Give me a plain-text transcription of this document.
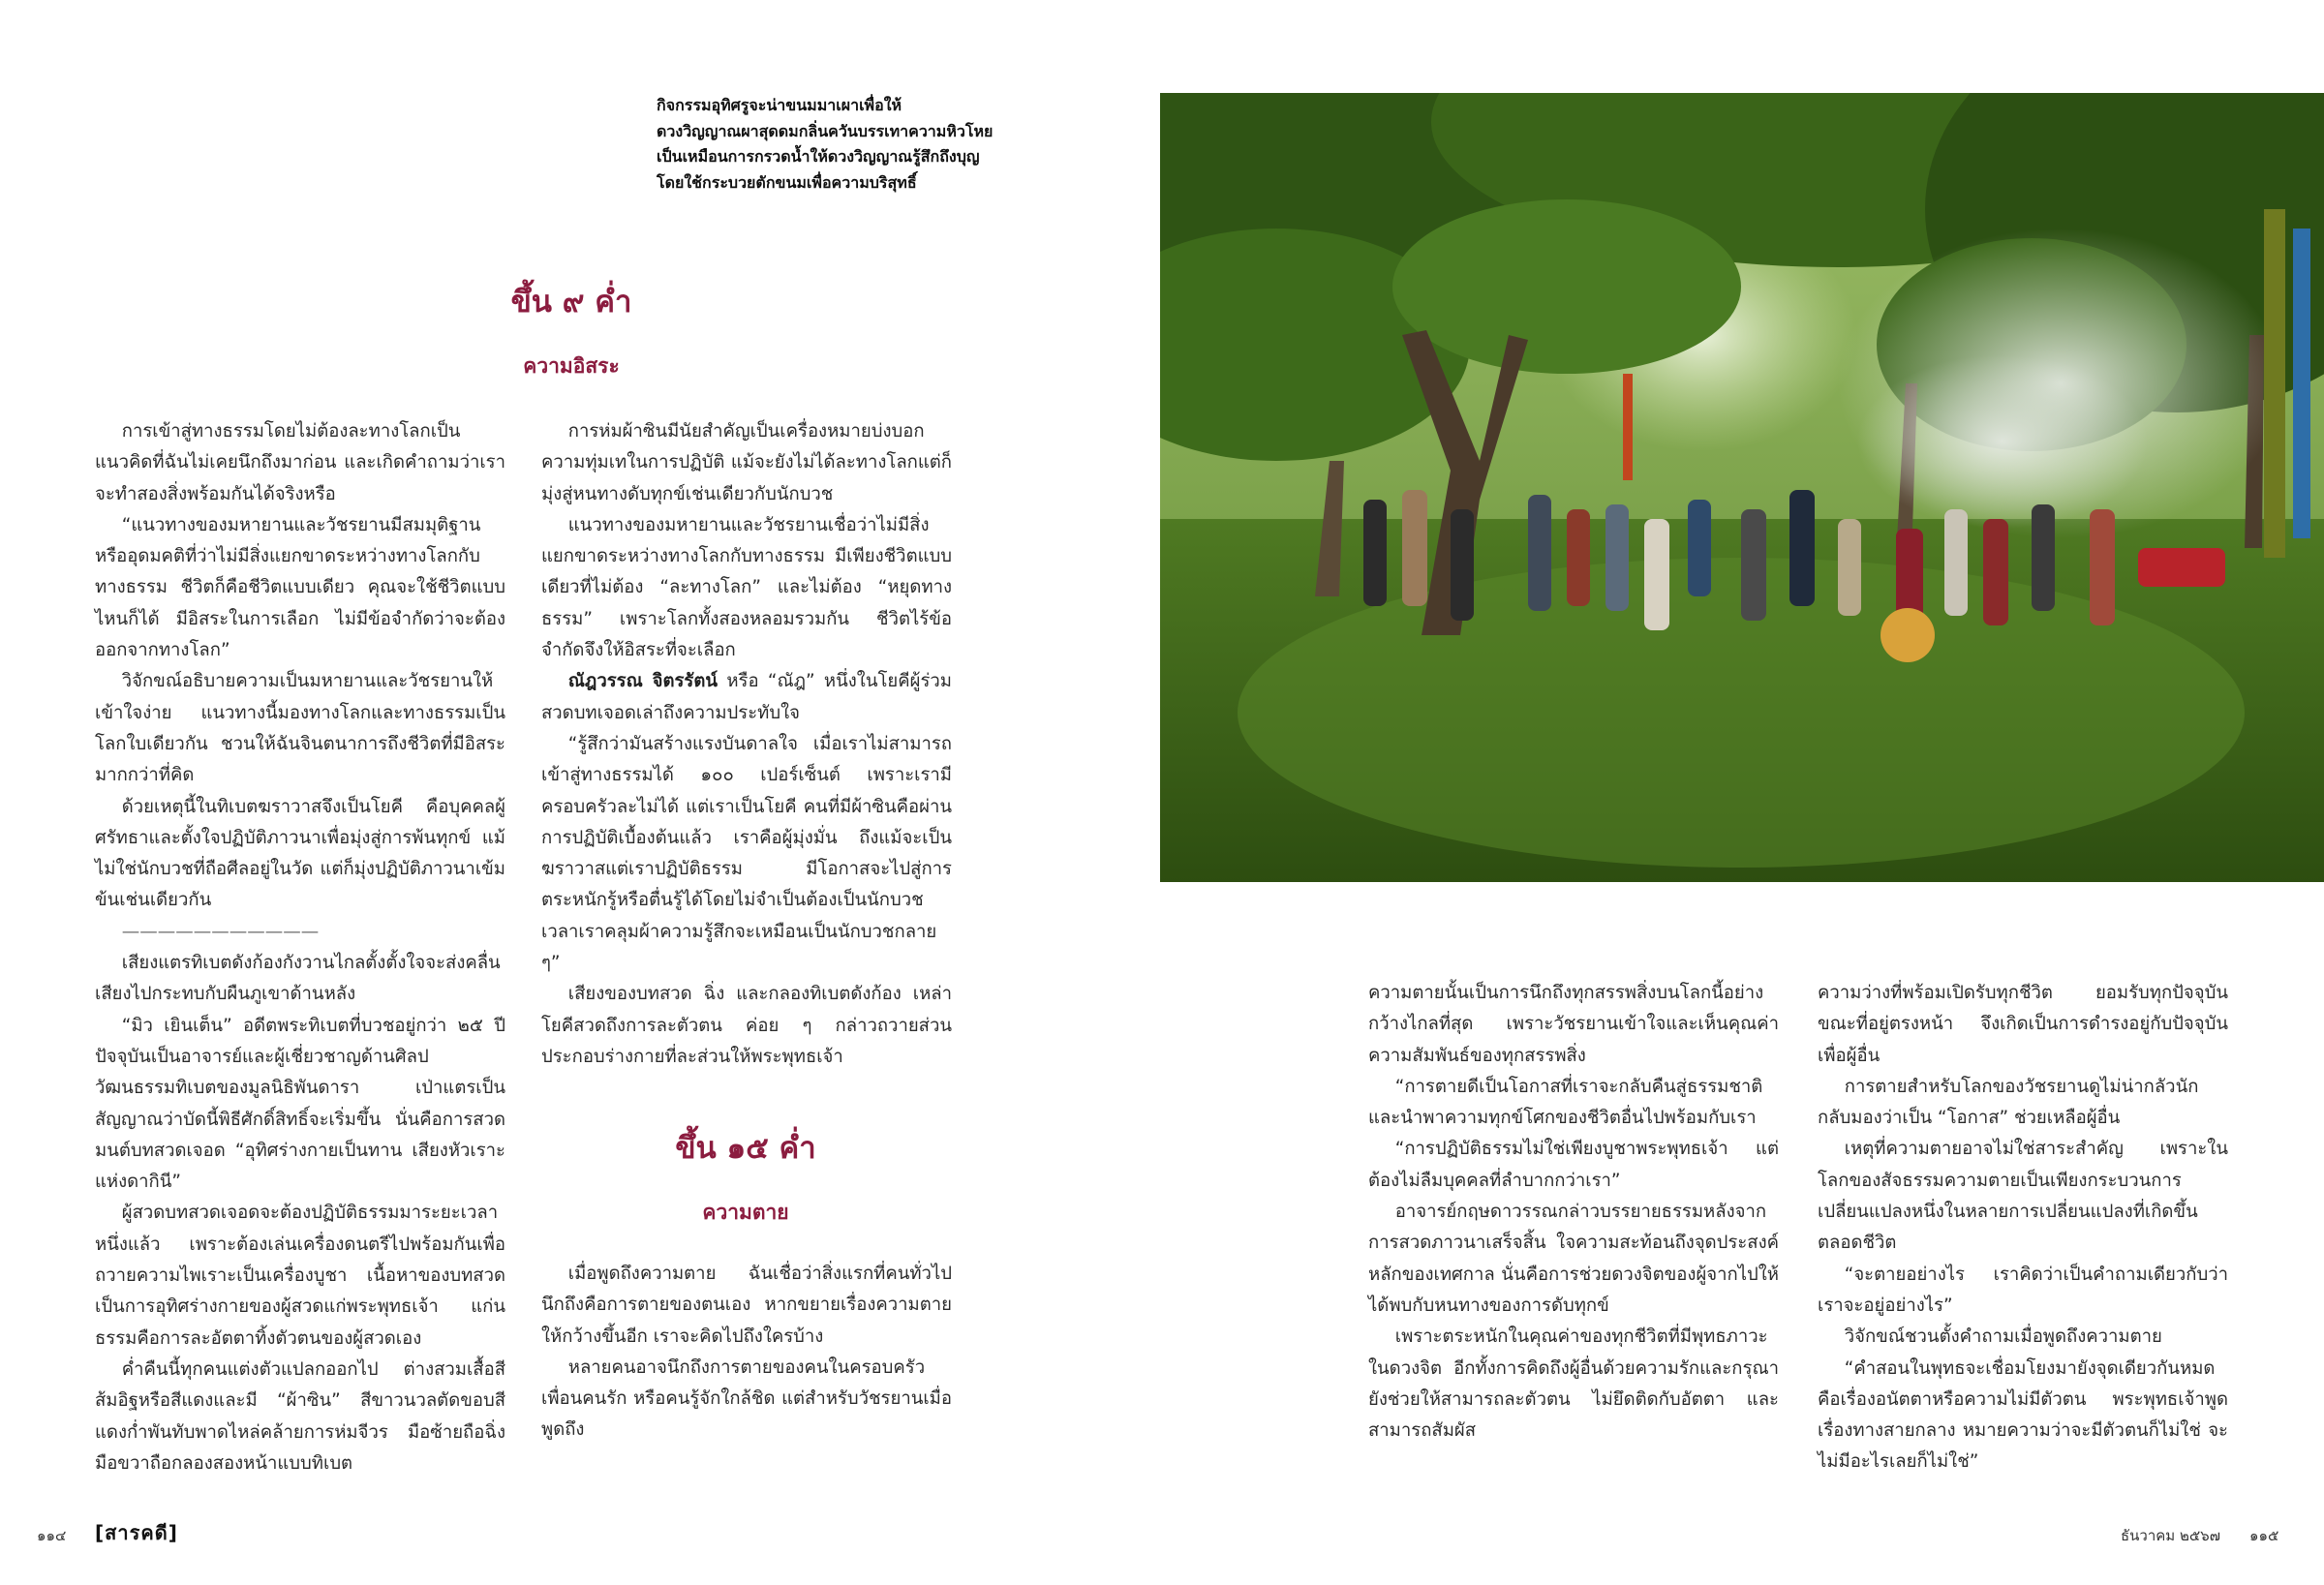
กิจกรรมอุทิศรูจะน่าขนมมาเผาเพื่อให้
ดวงวิญญาณผาสุดดมกลิ่นควันบรรเทาความหิวโหย
เป็นเหมือนการกรวดน้ำให้ดวงวิญญาณรู้สึกถึงบุญ
โดยใช้กระบวยตักขนมเพื่อความบริสุทธิ์
ขึ้น ๙ ค่ำ
ความอิสระ

การเข้าสู่ทางธรรมโดยไม่ต้องละทางโลกเป็นแนวคิดที่ฉันไม่เคยนึกถึงมาก่อน และเกิดคำถามว่าเราจะทำสองสิ่งพร้อมกันได้จริงหรือ

“แนวทางของมหายานและวัชรยานมีสมมุติฐานหรืออุดมคติที่ว่าไม่มีสิ่งแยกขาดระหว่างทางโลกกับทางธรรม ชีวิตก็คือชีวิตแบบเดียว คุณจะใช้ชีวิตแบบไหนก็ได้ มีอิสระในการเลือก ไม่มีข้อจำกัดว่าจะต้องออกจากทางโลก”

วิจักขณ์อธิบายความเป็นมหายานและวัชรยานให้เข้าใจง่าย แนวทางนี้มองทางโลกและทางธรรมเป็นโลกใบเดียวกัน ชวนให้ฉันจินตนาการถึงชีวิตที่มีอิสระมากกว่าที่คิด

ด้วยเหตุนี้ในทิเบตฆราวาสจึงเป็นโยคี คือบุคคลผู้ศรัทธาและตั้งใจปฏิบัติภาวนาเพื่อมุ่งสู่การพ้นทุกข์ แม้ไม่ใช่นักบวชที่ถือศีลอยู่ในวัด แต่ก็มุ่งปฏิบัติภาวนาเข้มข้นเช่นเดียวกัน

———————————

เสียงแตรทิเบตดังก้องกังวานไกลตั้งตั้งใจจะส่งคลื่นเสียงไปกระทบกับผืนภูเขาด้านหลัง

“มิว เยินเต็น” อดีตพระทิเบตที่บวชอยู่กว่า ๒๕ ปี ปัจจุบันเป็นอาจารย์และผู้เชี่ยวชาญด้านศิลปวัฒนธรรมทิเบตของมูลนิธิพันดารา เป่าแตรเป็นสัญญาณว่าบัดนี้พิธีศักดิ์สิทธิ์จะเริ่มขึ้น นั่นคือการสวดมนต์บทสวดเจอด “อุทิศร่างกายเป็นทาน เสียงหัวเราะแห่งดากินี”

ผู้สวดบทสวดเจอดจะต้องปฏิบัติธรรมมาระยะเวลาหนึ่งแล้ว เพราะต้องเล่นเครื่องดนตรีไปพร้อมกันเพื่อถวายความไพเราะเป็นเครื่องบูชา เนื้อหาของบทสวดเป็นการอุทิศร่างกายของผู้สวดแก่พระพุทธเจ้า แก่นธรรมคือการละอัตตาทิ้งตัวตนของผู้สวดเอง

ค่ำคืนนี้ทุกคนแต่งตัวแปลกออกไป ต่างสวมเสื้อสีส้มอิฐหรือสีแดงและมี “ผ้าซิน” สีขาวนวลตัดขอบสีแดงก่ำพันทับพาดไหล่คล้ายการห่มจีวร มือซ้ายถือฉิ่ง มือขวาถือกลองสองหน้าแบบทิเบต

การห่มผ้าซินมีนัยสำคัญเป็นเครื่องหมายบ่งบอกความทุ่มเทในการปฏิบัติ แม้จะยังไม่ได้ละทางโลกแต่ก็มุ่งสู่หนทางดับทุกข์เช่นเดียวกับนักบวช

แนวทางของมหายานและวัชรยานเชื่อว่าไม่มีสิ่งแยกขาดระหว่างทางโลกกับทางธรรม มีเพียงชีวิตแบบเดียวที่ไม่ต้อง “ละทางโลก” และไม่ต้อง “หยุดทางธรรม” เพราะโลกทั้งสองหลอมรวมกัน ชีวิตไร้ข้อจำกัดจึงให้อิสระที่จะเลือก

ณัฎวรรณ จิตรรัตน์ หรือ “ณัฎ” หนึ่งในโยคีผู้ร่วมสวดบทเจอดเล่าถึงความประทับใจ

“รู้สึกว่ามันสร้างแรงบันดาลใจ เมื่อเราไม่สามารถเข้าสู่ทางธรรมได้ ๑๐๐ เปอร์เซ็นต์ เพราะเรามีครอบครัวละไม่ได้ แต่เราเป็นโยคี คนที่มีผ้าซินคือผ่านการปฏิบัติเบื้องต้นแล้ว เราคือผู้มุ่งมั่น ถึงแม้จะเป็นฆราวาสแต่เราปฏิบัติธรรม มีโอกาสจะไปสู่การตระหนักรู้หรือตื่นรู้ได้โดยไม่จำเป็นต้องเป็นนักบวช เวลาเราคลุมผ้าความรู้สึกจะเหมือนเป็นนักบวชกลาย ๆ”

เสียงของบทสวด ฉิ่ง และกลองทิเบตดังก้อง เหล่าโยคีสวดถึงการละตัวตน ค่อย ๆ กล่าวถวายส่วนประกอบร่างกายที่ละส่วนให้พระพุทธเจ้า

ขึ้น ๑๕ ค่ำ
ความตาย

เมื่อพูดถึงความตาย ฉันเชื่อว่าสิ่งแรกที่คนทั่วไปนึกถึงคือการตายของตนเอง หากขยายเรื่องความตายให้กว้างขึ้นอีก เราจะคิดไปถึงใครบ้าง

หลายคนอาจนึกถึงการตายของคนในครอบครัว เพื่อนคนรัก หรือคนรู้จักใกล้ชิด แต่สำหรับวัชรยานเมื่อพูดถึง

ความตายนั้นเป็นการนึกถึงทุกสรรพสิ่งบนโลกนี้อย่างกว้างไกลที่สุด เพราะวัชรยานเข้าใจและเห็นคุณค่าความสัมพันธ์ของทุกสรรพสิ่ง

“การตายดีเป็นโอกาสที่เราจะกลับคืนสู่ธรรมชาติและนำพาความทุกข์โศกของชีวิตอื่นไปพร้อมกับเรา

“การปฏิบัติธรรมไม่ใช่เพียงบูชาพระพุทธเจ้า แต่ต้องไม่ลืมบุคคลที่ลำบากกว่าเรา”

อาจารย์กฤษดาวรรณกล่าวบรรยายธรรมหลังจากการสวดภาวนาเสร็จสิ้น ใจความสะท้อนถึงจุดประสงค์หลักของเทศกาล นั่นคือการช่วยดวงจิตของผู้จากไปให้ได้พบกับหนทางของการดับทุกข์

เพราะตระหนักในคุณค่าของทุกชีวิตที่มีพุทธภาวะในดวงจิต อีกทั้งการคิดถึงผู้อื่นด้วยความรักและกรุณายังช่วยให้สามารถละตัวตน ไม่ยึดติดกับอัตตา และสามารถสัมผัส

ความว่างที่พร้อมเปิดรับทุกชีวิต ยอมรับทุกปัจจุบันขณะที่อยู่ตรงหน้า จึงเกิดเป็นการดำรงอยู่กับปัจจุบันเพื่อผู้อื่น

การตายสำหรับโลกของวัชรยานดูไม่น่ากลัวนัก กลับมองว่าเป็น “โอกาส” ช่วยเหลือผู้อื่น

เหตุที่ความตายอาจไม่ใช่สาระสำคัญ เพราะในโลกของสัจธรรมความตายเป็นเพียงกระบวนการเปลี่ยนแปลงหนึ่งในหลายการเปลี่ยนแปลงที่เกิดขึ้นตลอดชีวิต

“จะตายอย่างไร เราคิดว่าเป็นคำถามเดียวกับว่าเราจะอยู่อย่างไร”

วิจักขณ์ชวนตั้งคำถามเมื่อพูดถึงความตาย

“คำสอนในพุทธจะเชื่อมโยงมายังจุดเดียวกันหมดคือเรื่องอนัตตาหรือความไม่มีตัวตน พระพุทธเจ้าพูดเรื่องทางสายกลาง หมายความว่าจะมีตัวตนก็ไม่ใช่ จะไม่มีอะไรเลยก็ไม่ใช่”

๑๑๔ [สารคดี]	ธันวาคม ๒๕๖๗ ๑๑๕
